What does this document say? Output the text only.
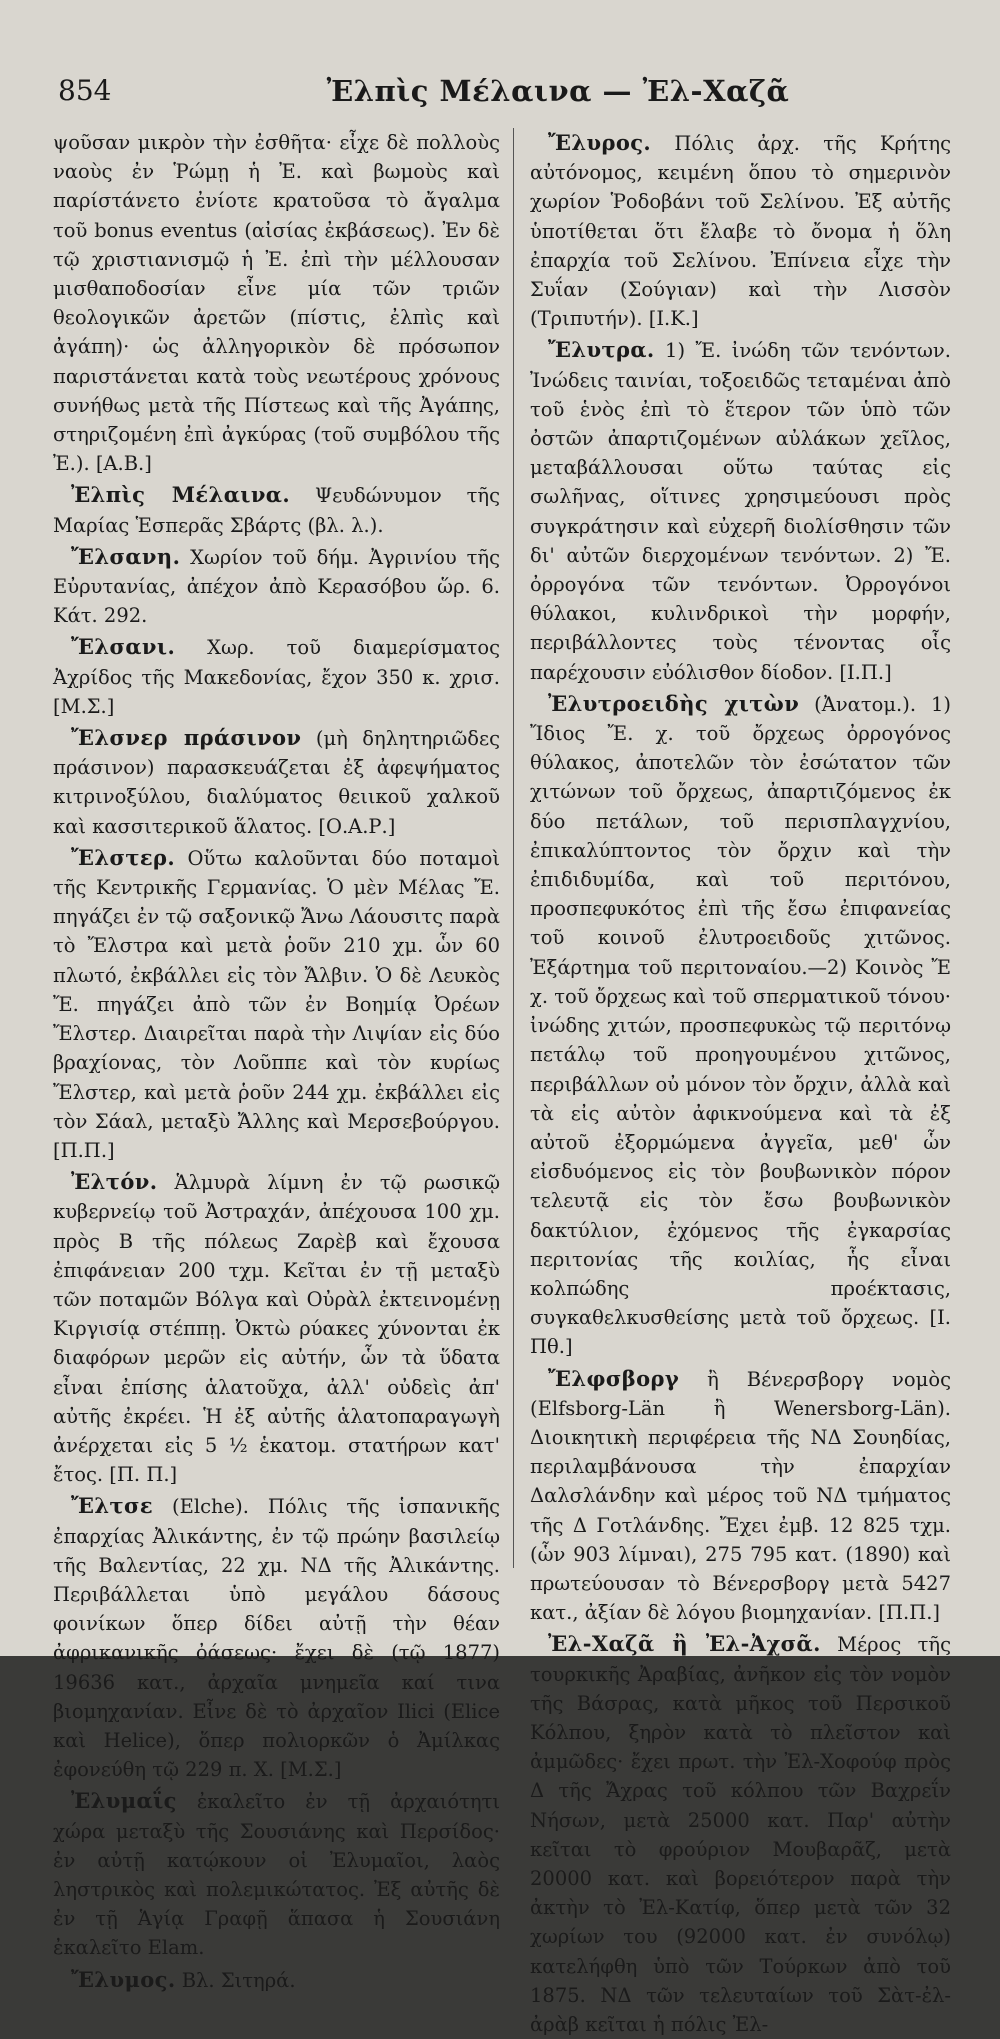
854	Ἐλπὶς Μέλαινα — Ἐλ-Χαζᾶ

ψοῦσαν μικρὸν τὴν ἐσθῆτα· εἶχε δὲ πολλοὺς ναοὺς ἐν Ῥώμῃ ἡ Ἐ. καὶ βωμοὺς καὶ παρίστάνετο ἐνίοτε κρατοῦσα τὸ ἄγαλμα τοῦ bonus eventus (αἰσίας ἐκβάσεως). Ἐν δὲ τῷ χριστιανισμῷ ἡ Ἐ. ἐπὶ τὴν μέλλουσαν μισθαποδοσίαν εἶνε μία τῶν τριῶν θεολογικῶν ἀρετῶν (πίστις, ἐλπὶς καὶ ἀγάπη)· ὡς ἀλληγορικὸν δὲ πρόσωπον παριστάνεται κατὰ τοὺς νεωτέρους χρόνους συνήθως μετὰ τῆς Πίστεως καὶ τῆς Ἀγάπης, στηριζομένη ἐπὶ ἀγκύρας (τοῦ συμβόλου τῆς Ἐ.). [Α.Β.]

Ἐλπὶς Μέλαινα. Ψευδώνυμον τῆς Μαρίας Ἑσπερᾶς Σβάρτς (βλ. λ.).

Ἔλσανη. Χωρίον τοῦ δήμ. Ἀγρινίου τῆς Εὐρυτανίας, ἀπέχον ἀπὸ Κερασόβου ὥρ. 6. Κάτ. 292.

Ἔλσανι. Χωρ. τοῦ διαμερίσματος Ἀχρίδος τῆς Μακεδονίας, ἔχον 350 κ. χρισ. [Μ.Σ.]

Ἔλσνερ πράσινον (μὴ δηλητηριῶδες πράσινον) παρασκευάζεται ἐξ ἀφεψήματος κιτρινοξύλου, διαλύματος θειικοῦ χαλκοῦ καὶ κασσιτερικοῦ ἅλατος. [Ο.Α.Ρ.]

Ἔλστερ. Οὕτω καλοῦνται δύο ποταμοὶ τῆς Κεντρικῆς Γερμανίας. Ὁ μὲν Μέλας Ἔ. πηγάζει ἐν τῷ σαξονικῷ Ἄνω Λάουσιτς παρὰ τὸ Ἔλστρα καὶ μετὰ ῥοῦν 210 χμ. ὧν 60 πλωτό, ἐκβάλλει εἰς τὸν Ἄλβιν. Ὁ δὲ Λευκὸς Ἔ. πηγάζει ἀπὸ τῶν ἐν Βοημίᾳ Ὀρέων Ἔλστερ. Διαιρεῖται παρὰ τὴν Λιψίαν εἰς δύο βραχίονας, τὸν Λοῦππε καὶ τὸν κυρίως Ἔλστερ, καὶ μετὰ ῥοῦν 244 χμ. ἐκβάλλει εἰς τὸν Σάαλ, μεταξὺ Ἄλλης καὶ Μερσεβούργου. [Π.Π.]

Ἐλτόν. Ἁλμυρὰ λίμνη ἐν τῷ ρωσικῷ κυβερνείῳ τοῦ Ἀστραχάν, ἀπέχουσα 100 χμ. πρὸς Β τῆς πόλεως Ζαρὲβ καὶ ἔχουσα ἐπιφάνειαν 200 τχμ. Κεῖται ἐν τῇ μεταξὺ τῶν ποταμῶν Βόλγα καὶ Οὐρὰλ ἐκτεινομένῃ Κιργισίᾳ στέππῃ. Ὀκτὼ ρύακες χύνονται ἐκ διαφόρων μερῶν εἰς αὐτήν, ὧν τὰ ὕδατα εἶναι ἐπίσης ἁλατοῦχα, ἀλλ' οὐδεὶς ἀπ' αὐτῆς ἐκρέει. Ἡ ἐξ αὐτῆς ἁλατοπαραγωγὴ ἀνέρχεται εἰς 5 ½ ἑκατομ. στατήρων κατ' ἔτος. [Π. Π.]

Ἔλτσε (Elche). Πόλις τῆς ἱσπανικῆς ἐπαρχίας Ἀλικάντης, ἐν τῷ πρώην βασιλείῳ τῆς Βαλεντίας, 22 χμ. ΝΔ τῆς Ἀλικάντης. Περιβάλλεται ὑπὸ μεγάλου δάσους φοινίκων ὅπερ δίδει αὐτῇ τὴν θέαν ἀφρικανικῆς ὀάσεως· ἔχει δὲ (τῷ 1877) 19636 κατ., ἀρχαῖα μνημεῖα καί τινα βιομηχανίαν. Εἶνε δὲ τὸ ἀρχαῖον Ilici (Elice καὶ Helice), ὅπερ πολιορκῶν ὁ Ἀμίλκας ἐφονεύθη τῷ 229 π. Χ. [Μ.Σ.]

Ἐλυμαΐς ἐκαλεῖτο ἐν τῇ ἀρχαιότητι χώρα μεταξὺ τῆς Σουσιάνης καὶ Περσίδος· ἐν αὐτῇ κατῴκουν οἱ Ἐλυμαῖοι, λαὸς ληστρικὸς καὶ πολεμικώτατος. Ἐξ αὐτῆς δὲ ἐν τῇ Ἁγίᾳ Γραφῇ ἅπασα ἡ Σουσιάνη ἐκαλεῖτο Elam.

Ἔλυμος. Βλ. Σιτηρά.

Ἔλυρος. Πόλις ἀρχ. τῆς Κρήτης αὐτόνομος, κειμένη ὅπου τὸ σημερινὸν χωρίον Ῥοδοβάνι τοῦ Σελίνου. Ἐξ αὐτῆς ὑποτίθεται ὅτι ἔλαβε τὸ ὄνομα ἡ ὅλη ἐπαρχία τοῦ Σελίνου. Ἐπίνεια εἶχε τὴν Συΐαν (Σούγιαν) καὶ τὴν Λισσὸν (Τριπυτήν). [Ι.Κ.]

Ἔλυτρα. 1) Ἔ. ἰνώδη τῶν τενόντων. Ἰνώδεις ταινίαι, τοξοειδῶς τεταμέναι ἀπὸ τοῦ ἑνὸς ἐπὶ τὸ ἕτερον τῶν ὑπὸ τῶν ὀστῶν ἀπαρτιζομένων αὐλάκων χεῖλος, μεταβάλλουσαι οὕτω ταύτας εἰς σωλῆνας, οἵτινες χρησιμεύουσι πρὸς συγκράτησιν καὶ εὐχερῆ διολίσθησιν τῶν δι' αὐτῶν διερχομένων τενόντων. 2) Ἔ. ὀρρογόνα τῶν τενόντων. Ὀρρογόνοι θύλακοι, κυλινδρικοὶ τὴν μορφήν, περιβάλλοντες τοὺς τένοντας οἷς παρέχουσιν εὐόλισθον δίοδον. [Ι.Π.]

Ἐλυτροειδὴς χιτὼν (Ἀνατομ.). 1) Ἴδιος Ἔ. χ. τοῦ ὄρχεως ὀρρογόνος θύλακος, ἀποτελῶν τὸν ἐσώτατον τῶν χιτώνων τοῦ ὄρχεως, ἀπαρτιζόμενος ἐκ δύο πετάλων, τοῦ περισπλαγχνίου, ἐπικαλύπτοντος τὸν ὄρχιν καὶ τὴν ἐπιδιδυμίδα, καὶ τοῦ περιτόνου, προσπεφυκότος ἐπὶ τῆς ἔσω ἐπιφανείας τοῦ κοινοῦ ἐλυτροειδοῦς χιτῶνος. Ἐξάρτημα τοῦ περιτοναίου.—2) Κοινὸς Ἔ χ. τοῦ ὄρχεως καὶ τοῦ σπερματικοῦ τόνου· ἰνώδης χιτών, προσπεφυκὼς τῷ περιτόνῳ πετάλῳ τοῦ προηγουμένου χιτῶνος, περιβάλλων οὐ μόνον τὸν ὄρχιν, ἀλλὰ καὶ τὰ εἰς αὐτὸν ἀφικνούμενα καὶ τὰ ἐξ αὐτοῦ ἐξορμώμενα ἀγγεῖα, μεθ' ὧν εἰσδυόμενος εἰς τὸν βουβωνικὸν πόρον τελευτᾷ εἰς τὸν ἔσω βουβωνικὸν δακτύλιον, ἐχόμενος τῆς ἐγκαρσίας περιτονίας τῆς κοιλίας, ἧς εἶναι κολπώδης προέκτασις, συγκαθελκυσθείσης μετὰ τοῦ ὄρχεως. [Ι. Πθ.]

Ἔλφσβοργ ἢ Βένερσβοργ νομὸς (Elfsborg-Län ἢ Wenersborg-Län). Διοικητικὴ περιφέρεια τῆς ΝΔ Σουηδίας, περιλαμβάνουσα τὴν ἐπαρχίαν Δαλσλάνδην καὶ μέρος τοῦ ΝΔ τμήματος τῆς Δ Γοτλάνδης. Ἔχει ἐμβ. 12 825 τχμ. (ὧν 903 λίμναι), 275 795 κατ. (1890) καὶ πρωτεύουσαν τὸ Βένερσβοργ μετὰ 5427 κατ., ἀξίαν δὲ λόγου βιομηχανίαν. [Π.Π.]

Ἐλ-Χαζᾶ ἢ Ἐλ-Ἀχσᾶ. Μέρος τῆς τουρκικῆς Ἀραβίας, ἀνῆκον εἰς τὸν νομὸν τῆς Βάσρας, κατὰ μῆκος τοῦ Περσικοῦ Κόλπου, ξηρὸν κατὰ τὸ πλεῖστον καὶ ἀμμῶδες· ἔχει πρωτ. τὴν Ἐλ-Χοφούφ πρὸς Δ τῆς Ἄχρας τοῦ κόλπου τῶν Βαχρεΐν Νήσων, μετὰ 25000 κατ. Παρ' αὐτὴν κεῖται τὸ φρούριον Μουβαρᾶζ, μετὰ 20000 κατ. καὶ βορειότερον παρὰ τὴν ἀκτὴν τὸ Ἐλ-Κατίφ, ὅπερ μετὰ τῶν 32 χωρίων του (92000 κατ. ἐν συνόλῳ) κατελήφθη ὑπὸ τῶν Τούρκων ἀπὸ τοῦ 1875. ΝΔ τῶν τελευταίων τοῦ Σὰτ-ἐλ-ἀρὰβ κεῖται ἡ πόλις Ἐλ-
